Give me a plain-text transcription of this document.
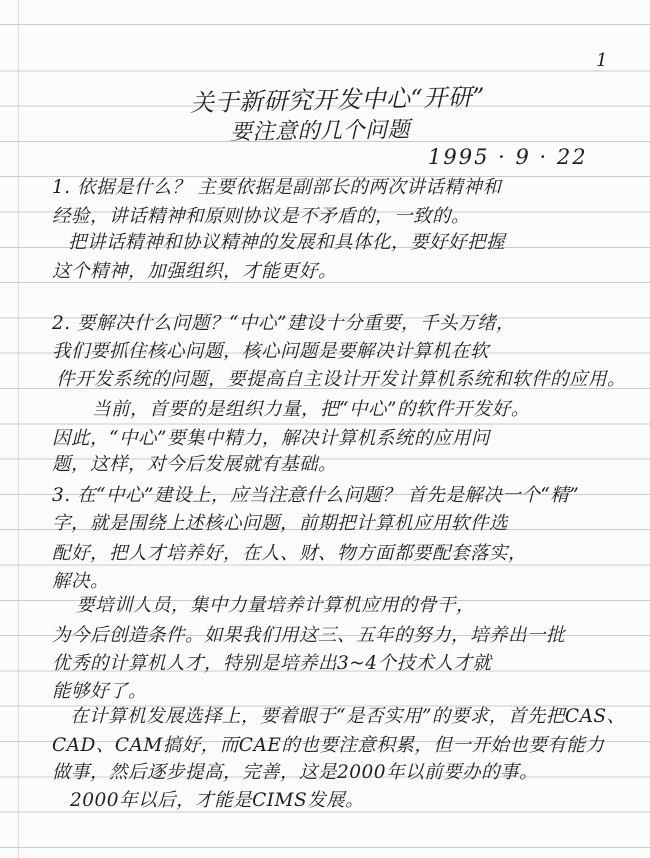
1
关于新研究开发中心“开研”
要注意的几个问题
1995 · 9 · 22
1. 依据是什么？ 主要依据是副部长的两次讲话精神和
经验，讲话精神和原则协议是不矛盾的，一致的。
把讲话精神和协议精神的发展和具体化，要好好把握
这个精神，加强组织，才能更好。
2. 要解决什么问题？“中心”建设十分重要，千头万绪，
我们要抓住核心问题，核心问题是要解决计算机在软
件开发系统的问题，要提高自主设计开发计算机系统和软件的应用。
当前，首要的是组织力量，把“中心”的软件开发好。
因此，“中心”要集中精力，解决计算机系统的应用问
题，这样，对今后发展就有基础。
3. 在“中心”建设上，应当注意什么问题？ 首先是解决一个“精”
字，就是围绕上述核心问题，前期把计算机应用软件选
配好，把人才培养好，在人、财、物方面都要配套落实，
解决。
要培训人员，集中力量培养计算机应用的骨干，
为今后创造条件。如果我们用这三、五年的努力，培养出一批
优秀的计算机人才，特别是培养出3~4个技术人才就
能够好了。
在计算机发展选择上，要着眼于“是否实用”的要求，首先把CAS、
CAD、CAM搞好，而CAE的也要注意积累，但一开始也要有能力
做事，然后逐步提高，完善，这是2000年以前要办的事。
2000年以后，才能是CIMS发展。
